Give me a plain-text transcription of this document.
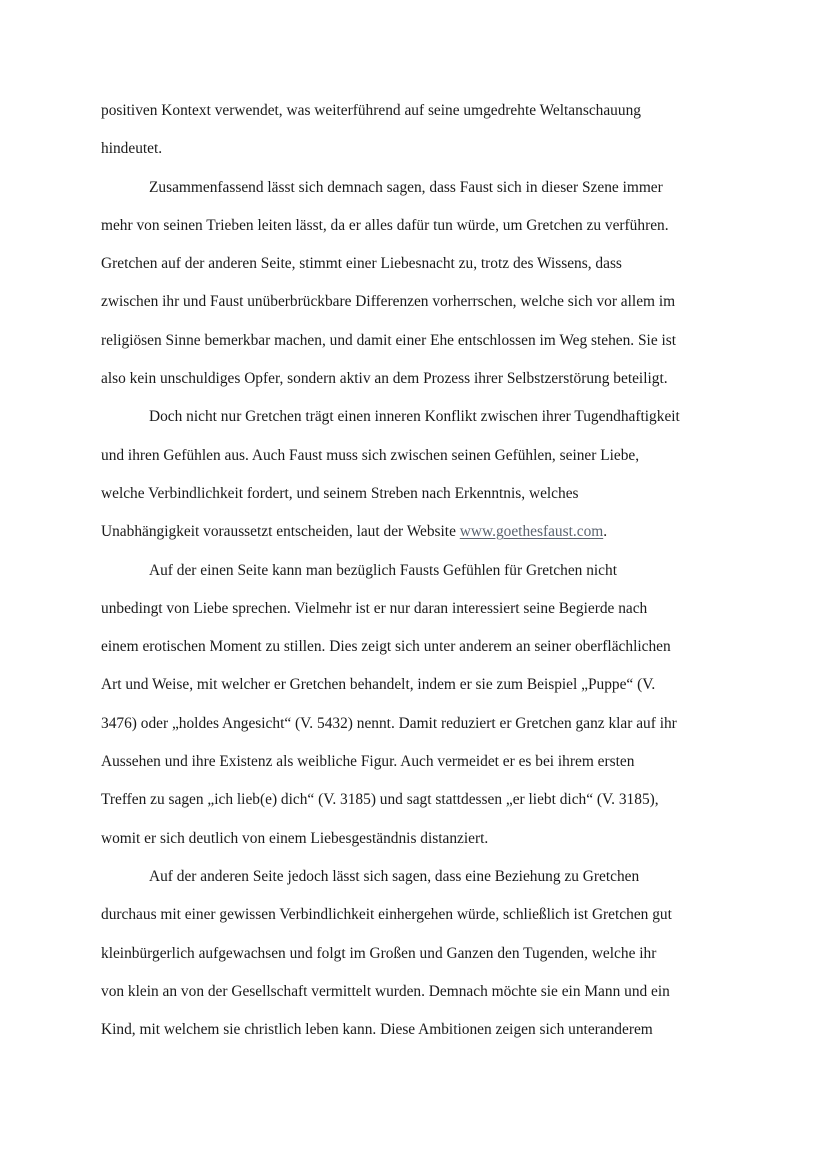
positiven Kontext verwendet, was weiterführend auf seine umgedrehte Weltanschauung
hindeutet.
Zusammenfassend lässt sich demnach sagen, dass Faust sich in dieser Szene immer
mehr von seinen Trieben leiten lässt, da er alles dafür tun würde, um Gretchen zu verführen.
Gretchen auf der anderen Seite, stimmt einer Liebesnacht zu, trotz des Wissens, dass
zwischen ihr und Faust unüberbrückbare Differenzen vorherrschen, welche sich vor allem im
religiösen Sinne bemerkbar machen, und damit einer Ehe entschlossen im Weg stehen. Sie ist
also kein unschuldiges Opfer, sondern aktiv an dem Prozess ihrer Selbstzerstörung beteiligt.
Doch nicht nur Gretchen trägt einen inneren Konflikt zwischen ihrer Tugendhaftigkeit
und ihren Gefühlen aus. Auch Faust muss sich zwischen seinen Gefühlen, seiner Liebe,
welche Verbindlichkeit fordert, und seinem Streben nach Erkenntnis, welches
Unabhängigkeit voraussetzt entscheiden, laut der Website www.goethesfaust.com.
Auf der einen Seite kann man bezüglich Fausts Gefühlen für Gretchen nicht
unbedingt von Liebe sprechen. Vielmehr ist er nur daran interessiert seine Begierde nach
einem erotischen Moment zu stillen. Dies zeigt sich unter anderem an seiner oberflächlichen
Art und Weise, mit welcher er Gretchen behandelt, indem er sie zum Beispiel „Puppe“ (V.
3476) oder „holdes Angesicht“ (V. 5432) nennt. Damit reduziert er Gretchen ganz klar auf ihr
Aussehen und ihre Existenz als weibliche Figur. Auch vermeidet er es bei ihrem ersten
Treffen zu sagen „ich lieb(e) dich“ (V. 3185) und sagt stattdessen „er liebt dich“ (V. 3185),
womit er sich deutlich von einem Liebesgeständnis distanziert.
Auf der anderen Seite jedoch lässt sich sagen, dass eine Beziehung zu Gretchen
durchaus mit einer gewissen Verbindlichkeit einhergehen würde, schließlich ist Gretchen gut
kleinbürgerlich aufgewachsen und folgt im Großen und Ganzen den Tugenden, welche ihr
von klein an von der Gesellschaft vermittelt wurden. Demnach möchte sie ein Mann und ein
Kind, mit welchem sie christlich leben kann. Diese Ambitionen zeigen sich unteranderem
